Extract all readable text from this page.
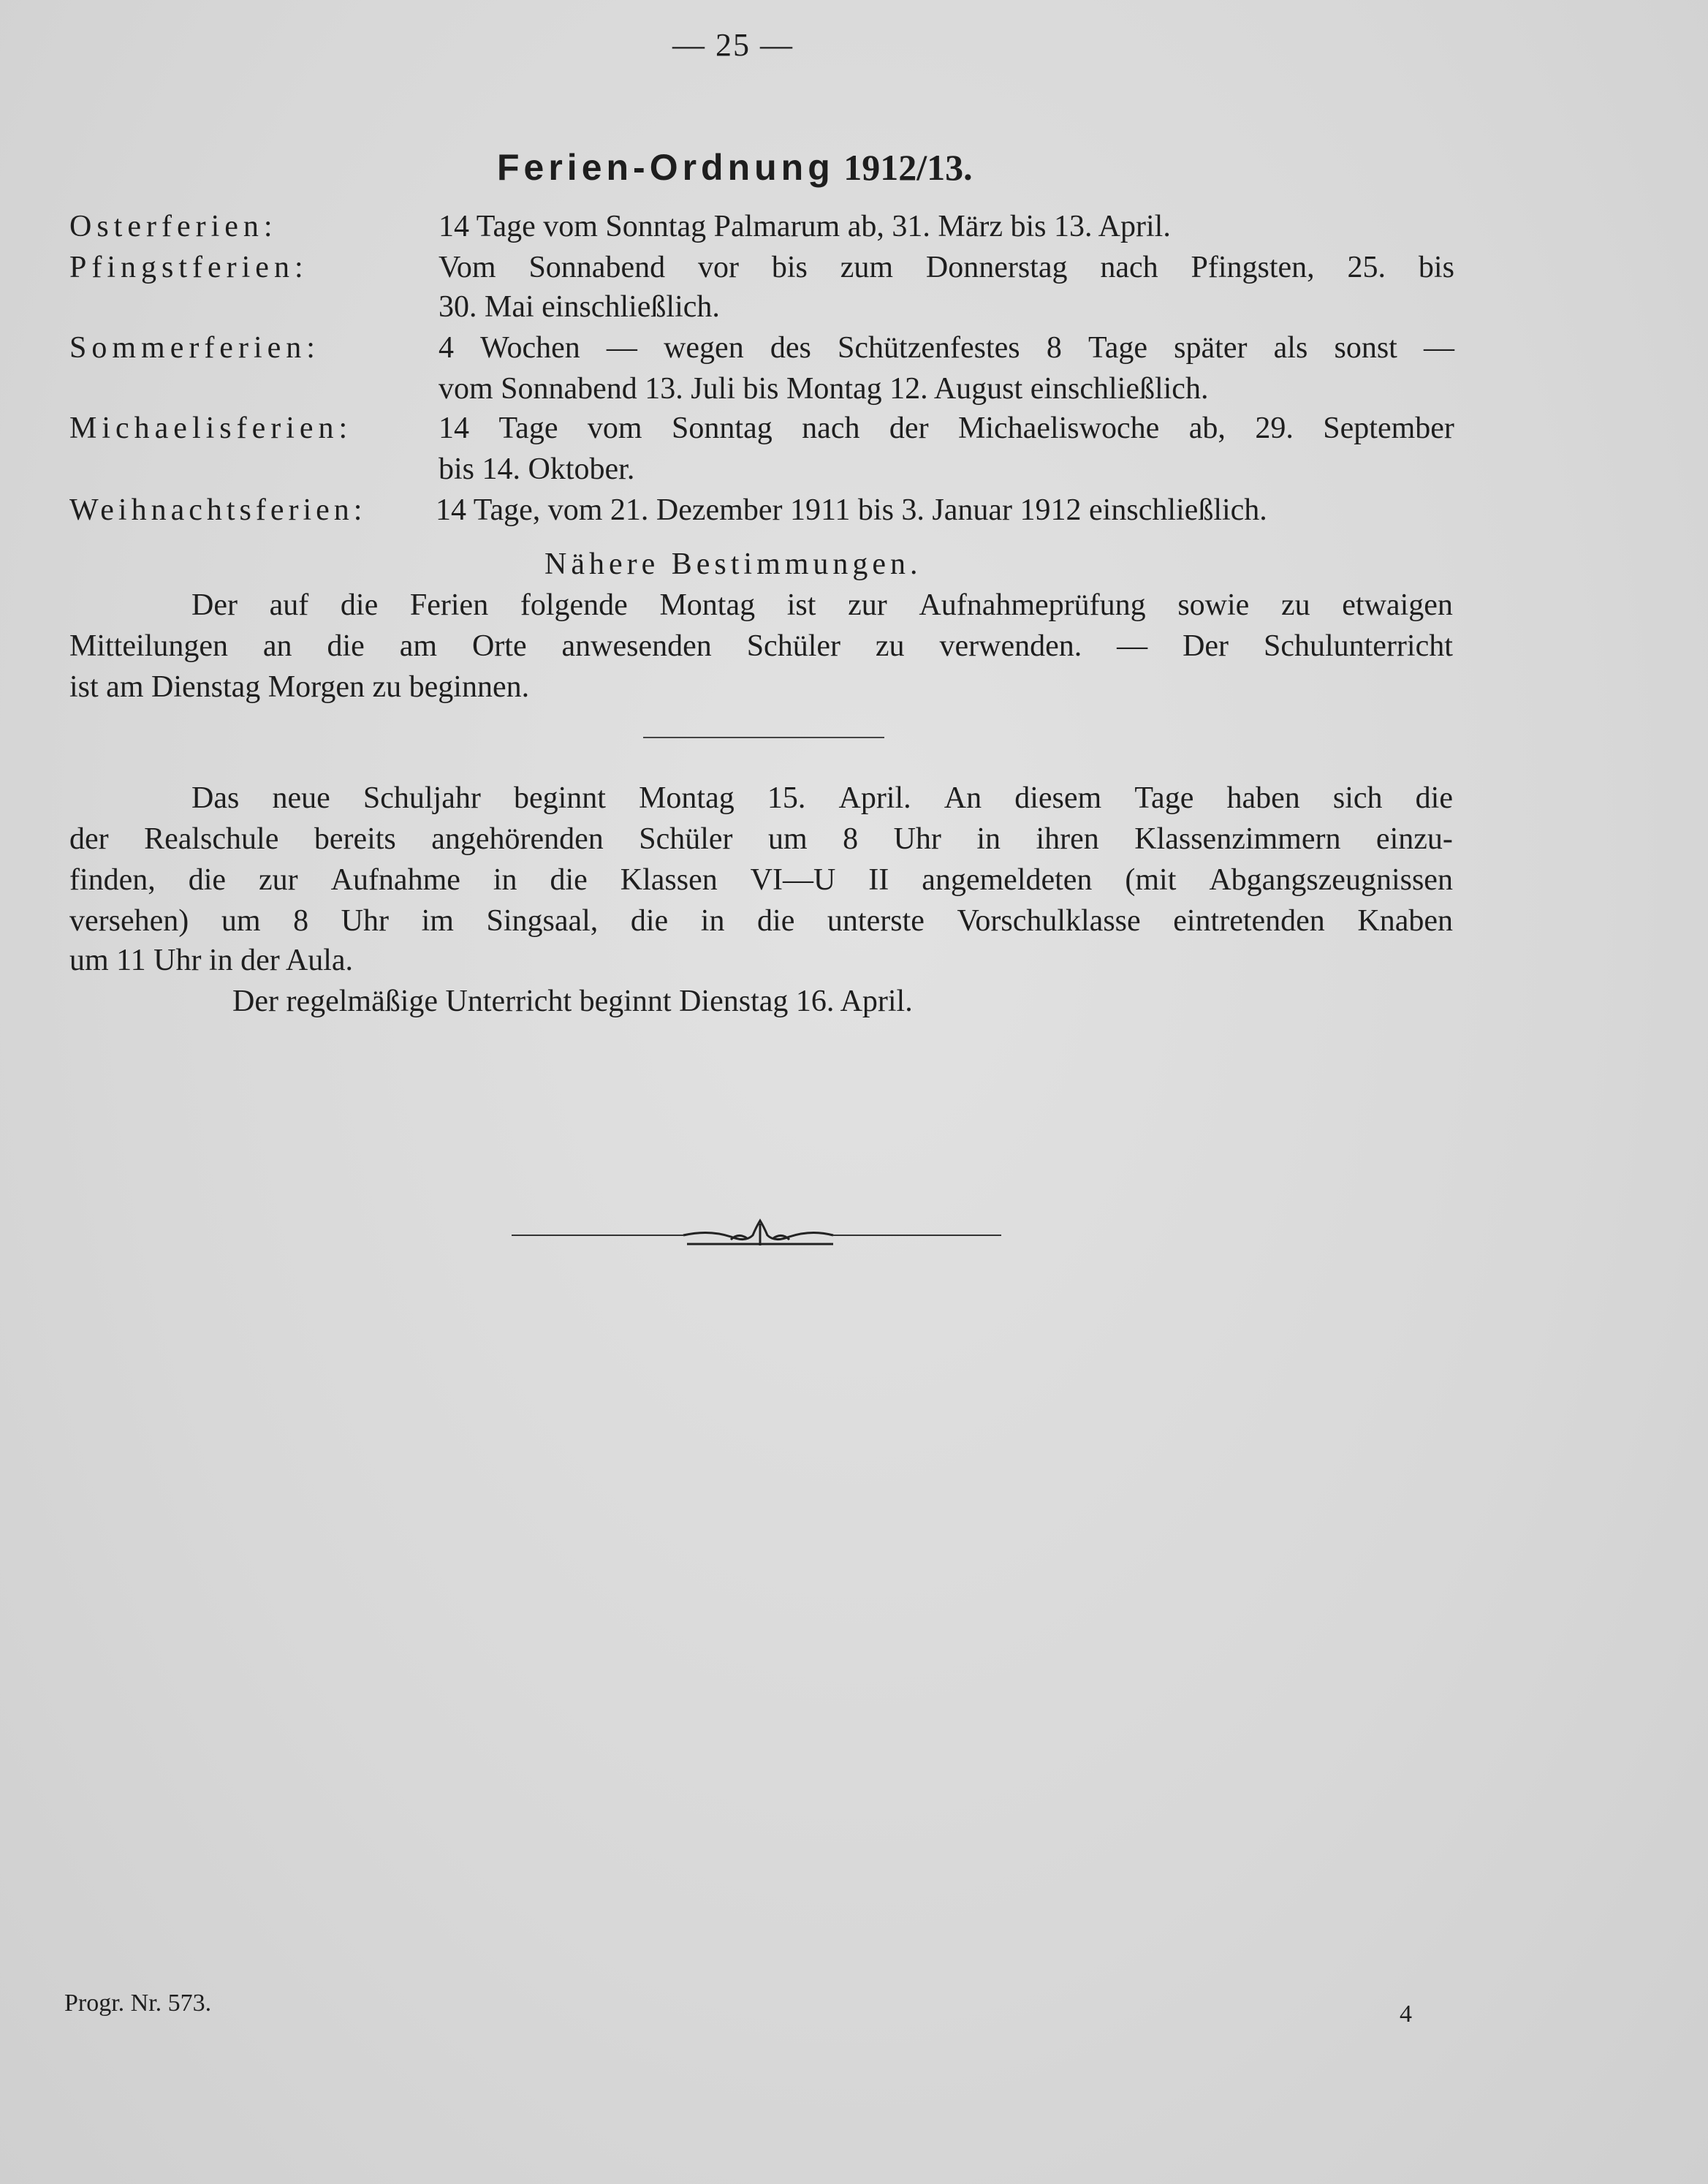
— 25 —
Ferien-Ordnung 1912/13.
Osterferien:	14 Tage vom Sonntag Palmarum ab, 31. März bis 13. April.
Pfingstferien:	Vom Sonnabend vor bis zum Donnerstag nach Pfingsten, 25. bis
30. Mai einschließlich.
Sommerferien:	4 Wochen — wegen des Schützenfestes 8 Tage später als sonst —
vom Sonnabend 13. Juli bis Montag 12. August einschließlich.
Michaelisferien:	14 Tage vom Sonntag nach der Michaeliswoche ab, 29. September
bis 14. Oktober.
Weihnachtsferien: 14 Tage, vom 21. Dezember 1911 bis 3. Januar 1912 einschließlich.
Nähere Bestimmungen.
Der auf die Ferien folgende Montag ist zur Aufnahmeprüfung sowie zu etwaigen
Mitteilungen an die am Orte anwesenden Schüler zu verwenden. — Der Schulunterricht
ist am Dienstag Morgen zu beginnen.
Das neue Schuljahr beginnt Montag 15. April. An diesem Tage haben sich die
der Realschule bereits angehörenden Schüler um 8 Uhr in ihren Klassenzimmern einzu-
finden, die zur Aufnahme in die Klassen VI—U II angemeldeten (mit Abgangszeugnissen
versehen) um 8 Uhr im Singsaal, die in die unterste Vorschulklasse eintretenden Knaben
um 11 Uhr in der Aula.
Der regelmäßige Unterricht beginnt Dienstag 16. April.
Progr. Nr. 573.	4
